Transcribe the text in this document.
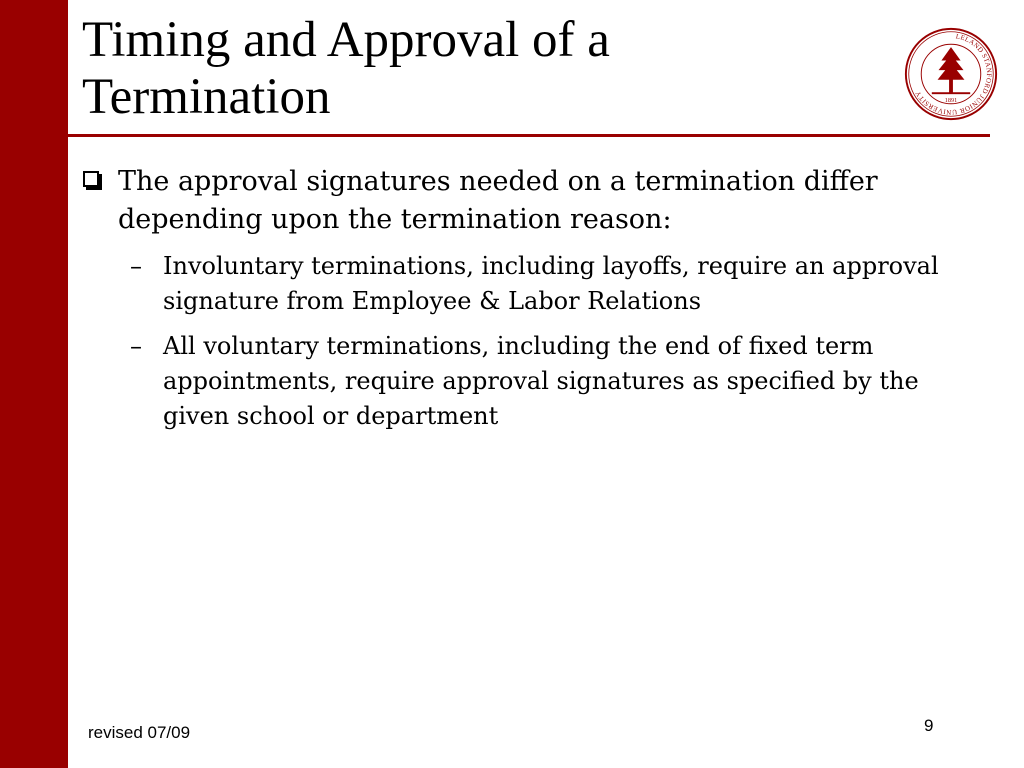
Timing and Approval of a Termination
LELAND STANFORD JUNIOR UNIVERSITY
1891
The approval signatures needed on a termination differ depending upon the termination reason:
– Involuntary terminations, including layoffs, require an approval signature from Employee & Labor Relations
– All voluntary terminations, including the end of fixed term appointments, require approval signatures as specified by the given school or department
revised 07/09	9
